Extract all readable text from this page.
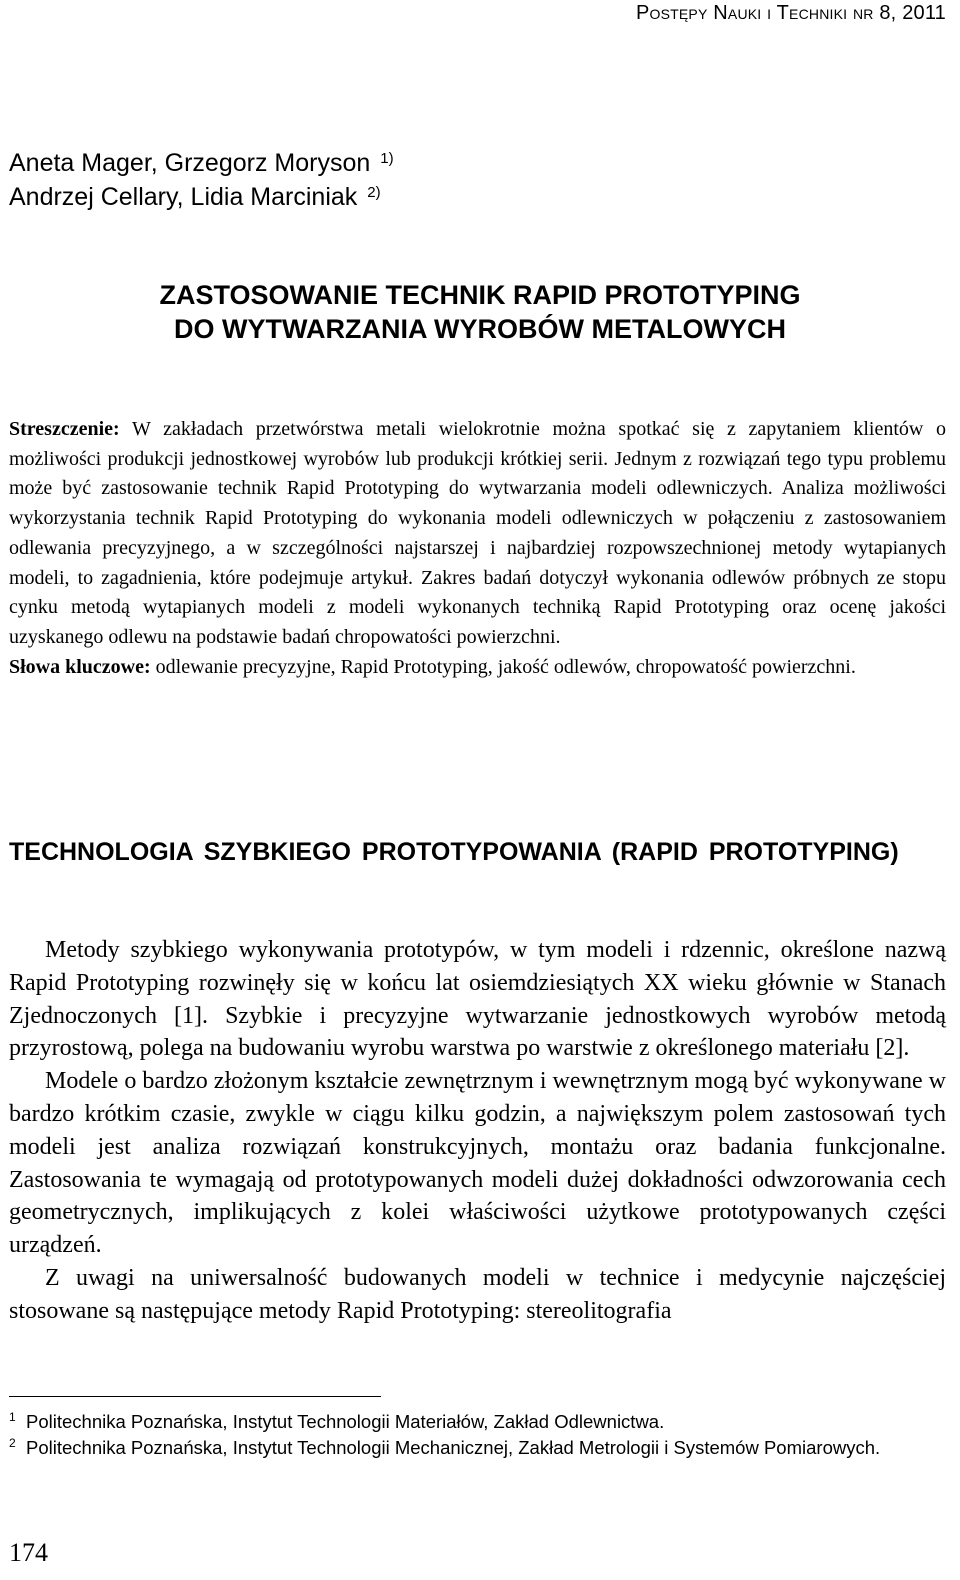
Postępy Nauki i Techniki nr 8, 2011
Aneta Mager, Grzegorz Moryson $^{1)}$
Andrzej Cellary, Lidia Marciniak $^{2)}$
ZASTOSOWANIE TECHNIK RAPID PROTOTYPING
DO WYTWARZANIA WYROBÓW METALOWYCH

Streszczenie: W zakładach przetwórstwa metali wielokrotnie można spotkać się z zapytaniem klientów o możliwości produkcji jednostkowej wyrobów lub produkcji krótkiej serii. Jednym z rozwiązań tego typu problemu może być zastosowanie technik Rapid Prototyping do wytwarzania modeli odlewniczych. Analiza możliwości wykorzystania technik Rapid Prototyping do wykonania modeli odlewniczych w połączeniu z zastosowaniem odlewania precyzyjnego, a w szczególności najstarszej i najbardziej rozpowszechnionej metody wytapianych modeli, to zagadnienia, które podejmuje artykuł. Zakres badań dotyczył wykonania odlewów próbnych ze stopu cynku metodą wytapianych modeli z modeli wykonanych techniką Rapid Prototyping oraz ocenę jakości uzyskanego odlewu na podstawie badań chropowatości powierzchni.

Słowa kluczowe: odlewanie precyzyjne, Rapid Prototyping, jakość odlewów, chropowatość powierzchni.

TECHNOLOGIA SZYBKIEGO PROTOTYPOWANIA (RAPID PROTOTYPING)

Metody szybkiego wykonywania prototypów, w tym modeli i rdzennic, określone nazwą Rapid Prototyping rozwinęły się w końcu lat osiemdziesiątych XX wieku głównie w Stanach Zjednoczonych [1]. Szybkie i precyzyjne wytwarzanie jednostkowych wyrobów metodą przyrostową, polega na budowaniu wyrobu warstwa po warstwie z określonego materiału [2].

Modele o bardzo złożonym kształcie zewnętrznym i wewnętrznym mogą być wykonywane w bardzo krótkim czasie, zwykle w ciągu kilku godzin, a największym polem zastosowań tych modeli jest analiza rozwiązań konstrukcyjnych, montażu oraz badania funkcjonalne. Zastosowania te wymagają od prototypowanych modeli dużej dokładności odwzorowania cech geometrycznych, implikujących z kolei właściwości użytkowe prototypowanych części urządzeń.

Z uwagi na uniwersalność budowanych modeli w technice i medycynie najczęściej stosowane są następujące metody Rapid Prototyping: stereolitografia

1 Politechnika Poznańska, Instytut Technologii Materiałów, Zakład Odlewnictwa.
2 Politechnika Poznańska, Instytut Technologii Mechanicznej, Zakład Metrologii i Systemów Pomiarowych.
174
